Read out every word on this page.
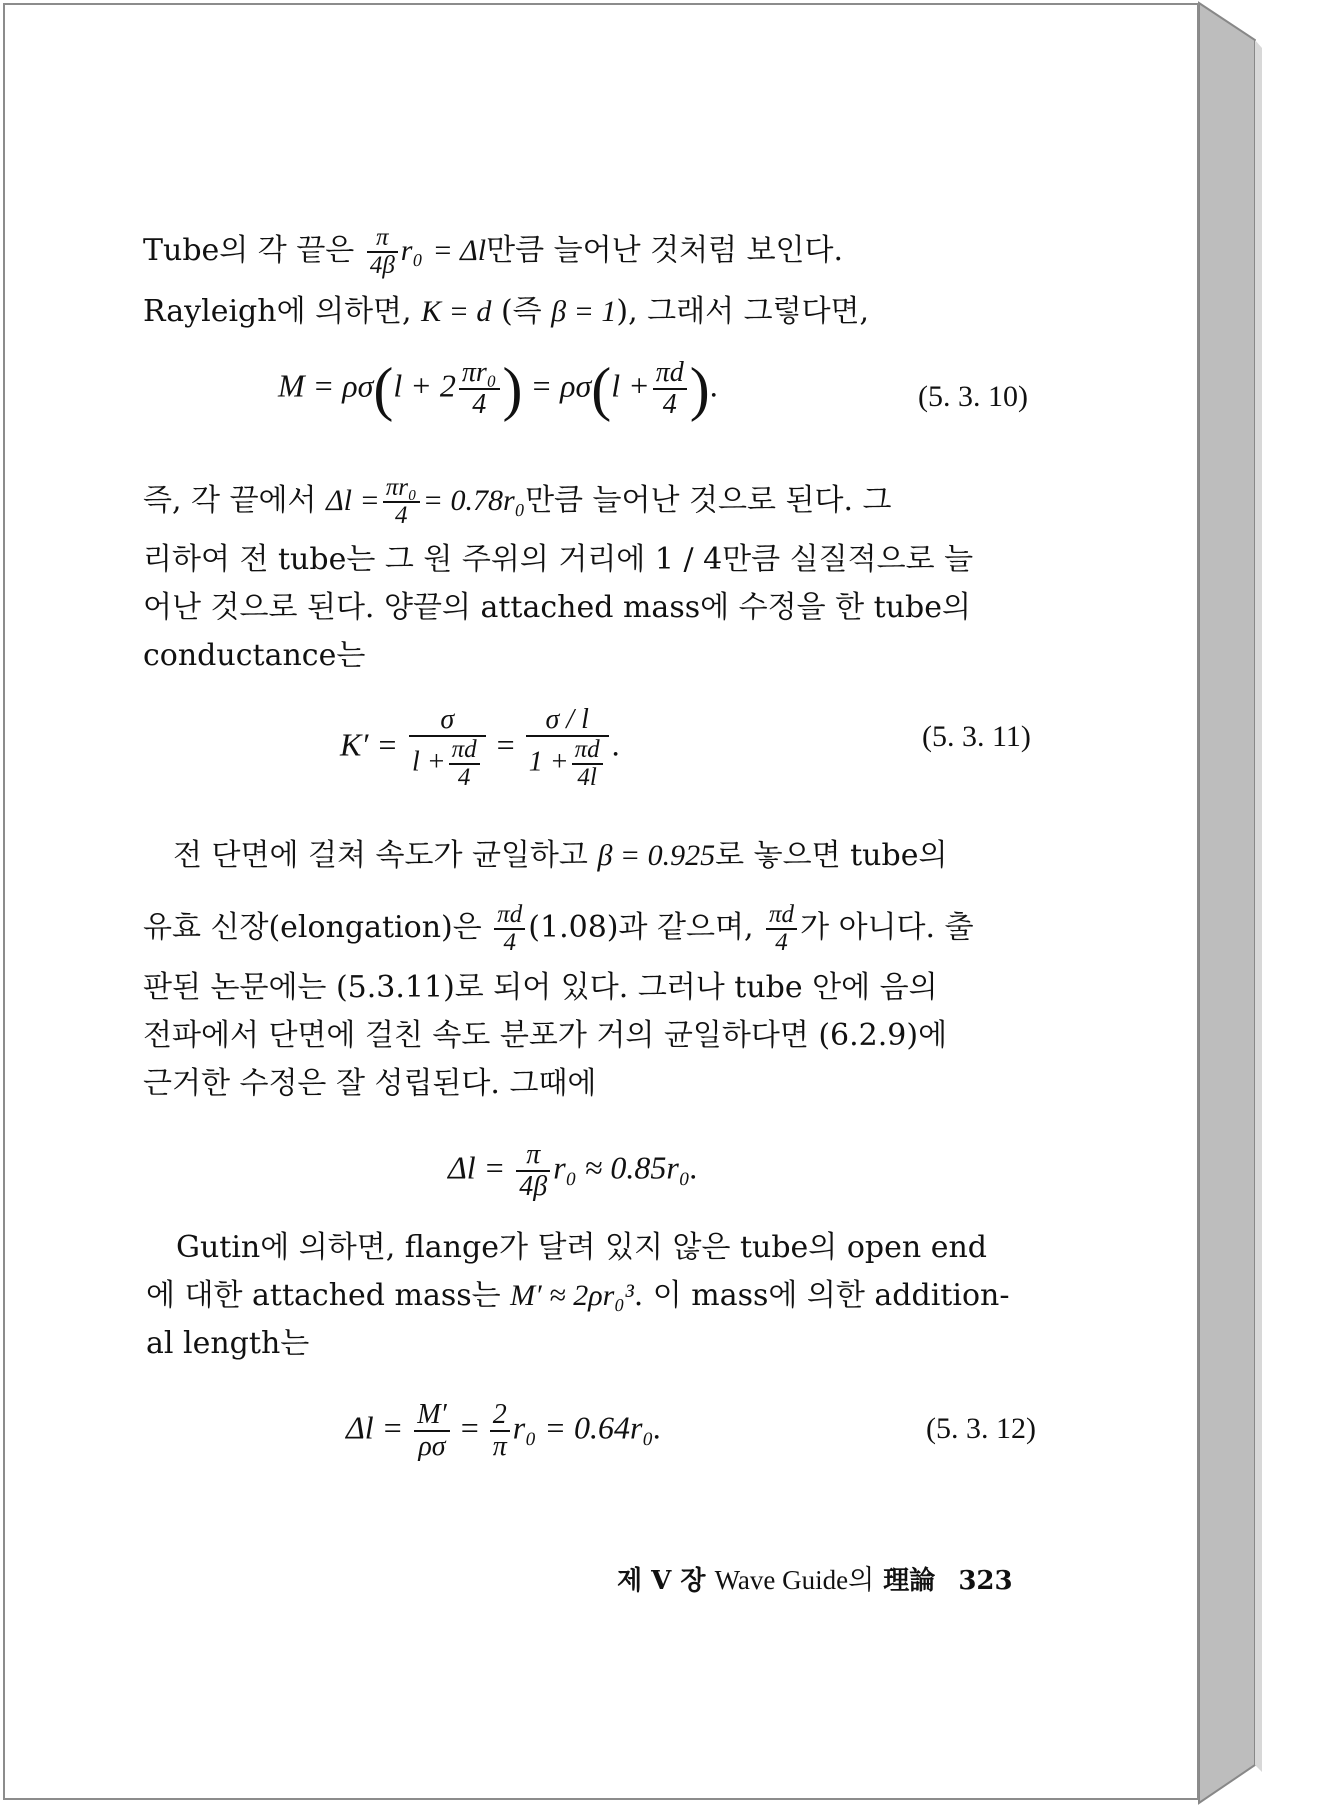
Tube의 각 끝은 $\frac{\pi}{4\beta} r_0 = \Delta l$만큼 늘어난 것처럼 보인다.
Rayleigh에 의하면, K = d (즉 β = 1), 그래서 그렇다면,
$M = \rho\sigma(l + 2 \frac{\text{πr₀}}{4}$ ) = $\rho\sigma(l + \frac{\pi d}{4}$ ).	(5. 3. 10)
즉, 각 끝에서 $\Delta l = \frac{\text{πr₀}}{4} = 0.78r_0$만큼 늘어난 것으로 된다. 그
리하여 전 tube는 그 원 주위의 거리에 1 / 4만큼 실질적으로 늘
어난 것으로 된다. 양끝의 attached mass에 수정을 한 tube의
conductance는
$K' = \frac{\sigma}{l + \frac{\pi d}{4}} = \frac{\sigma / l}{1 + \frac{\pi d}{4l}}$ .	(5. 3. 11)
전 단면에 걸쳐 속도가 균일하고 β = 0.925로 놓으면 tube의
유효 신장(elongation)은 $\frac{\pi d}{4} (1.08)$과 같으며, $\frac{\pi d}{4}$ 가 아니다. 출
판된 논문에는 (5.3.11)로 되어 있다. 그러나 tube 안에 음의
전파에서 단면에 걸친 속도 분포가 거의 균일하다면 (6.2.9)에
근거한 수정은 잘 성립된다. 그때에
$\Delta l = \frac{\pi}{4\beta} r_0 \approx 0.85r_0$.
Gutin에 의하면, flange가 달려 있지 않은 tube의 open end
에 대한 attached mass는 M′ ≈ 2ρr₀³. 이 mass에 의한 addition-
al length는
$\Delta l = \frac{M'}{\rho\sigma} = \frac{2}{\pi} r_0 = 0.64r_0$.	(5. 3. 12)
제 Ⅴ 장 Wave Guide의 理論 323
